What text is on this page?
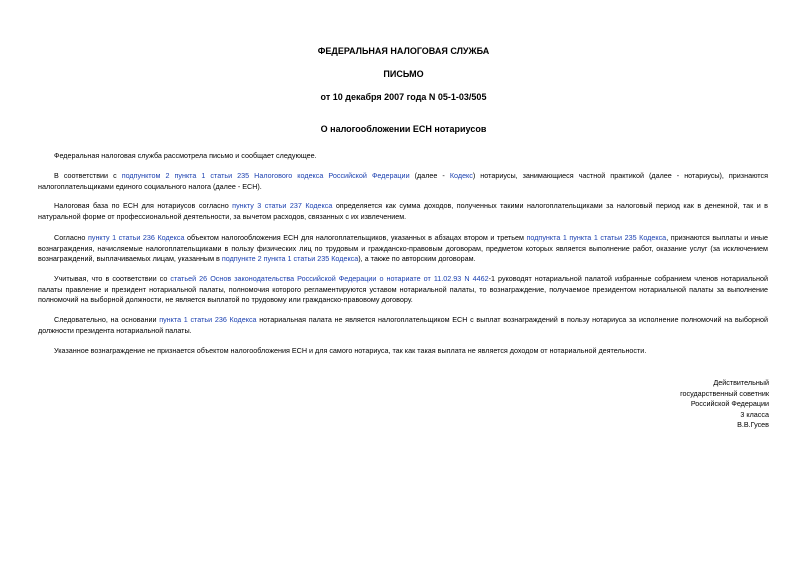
ФЕДЕРАЛЬНАЯ НАЛОГОВАЯ СЛУЖБА
ПИСЬМО
от 10 декабря 2007 года N 05-1-03/505
О налогообложении ЕСН нотариусов

Федеральная налоговая служба рассмотрела письмо и сообщает следующее.

В соответствии с подпунктом 2 пункта 1 статьи 235 Налогового кодекса Российской Федерации (далее - Кодекс) нотариусы, занимающиеся частной практикой (далее - нотариусы), признаются налогоплательщиками единого социального налога (далее - ЕСН).

Налоговая база по ЕСН для нотариусов согласно пункту 3 статьи 237 Кодекса определяется как сумма доходов, полученных такими налогоплательщиками за налоговый период как в денежной, так и в натуральной форме от профессиональной деятельности, за вычетом расходов, связанных с их извлечением.

Согласно пункту 1 статьи 236 Кодекса объектом налогообложения ЕСН для налогоплательщиков, указанных в абзацах втором и третьем подпункта 1 пункта 1 статьи 235 Кодекса, признаются выплаты и иные вознаграждения, начисляемые налогоплательщиками в пользу физических лиц по трудовым и гражданско-правовым договорам, предметом которых является выполнение работ, оказание услуг (за исключением вознаграждений, выплачиваемых лицам, указанным в подпункте 2 пункта 1 статьи 235 Кодекса), а также по авторским договорам.

Учитывая, что в соответствии со статьей 26 Основ законодательства Российской Федерации о нотариате от 11.02.93 N 4462-1 руководят нотариальной палатой избранные собранием членов нотариальной палаты правление и президент нотариальной палаты, полномочия которого регламентируются уставом нотариальной палаты, то вознаграждение, получаемое президентом нотариальной палаты за выполнение полномочий на выборной должности, не является выплатой по трудовому или гражданско-правовому договору.

Следовательно, на основании пункта 1 статьи 236 Кодекса нотариальная палата не является налогоплательщиком ЕСН с выплат вознаграждений в пользу нотариуса за исполнение полномочий на выборной должности президента нотариальной палаты.

Указанное вознаграждение не признается объектом налогообложения ЕСН и для самого нотариуса, так как такая выплата не является доходом от нотариальной деятельности.

Действительный
государственный советник
Российской Федерации
3 класса
В.В.Гусев
